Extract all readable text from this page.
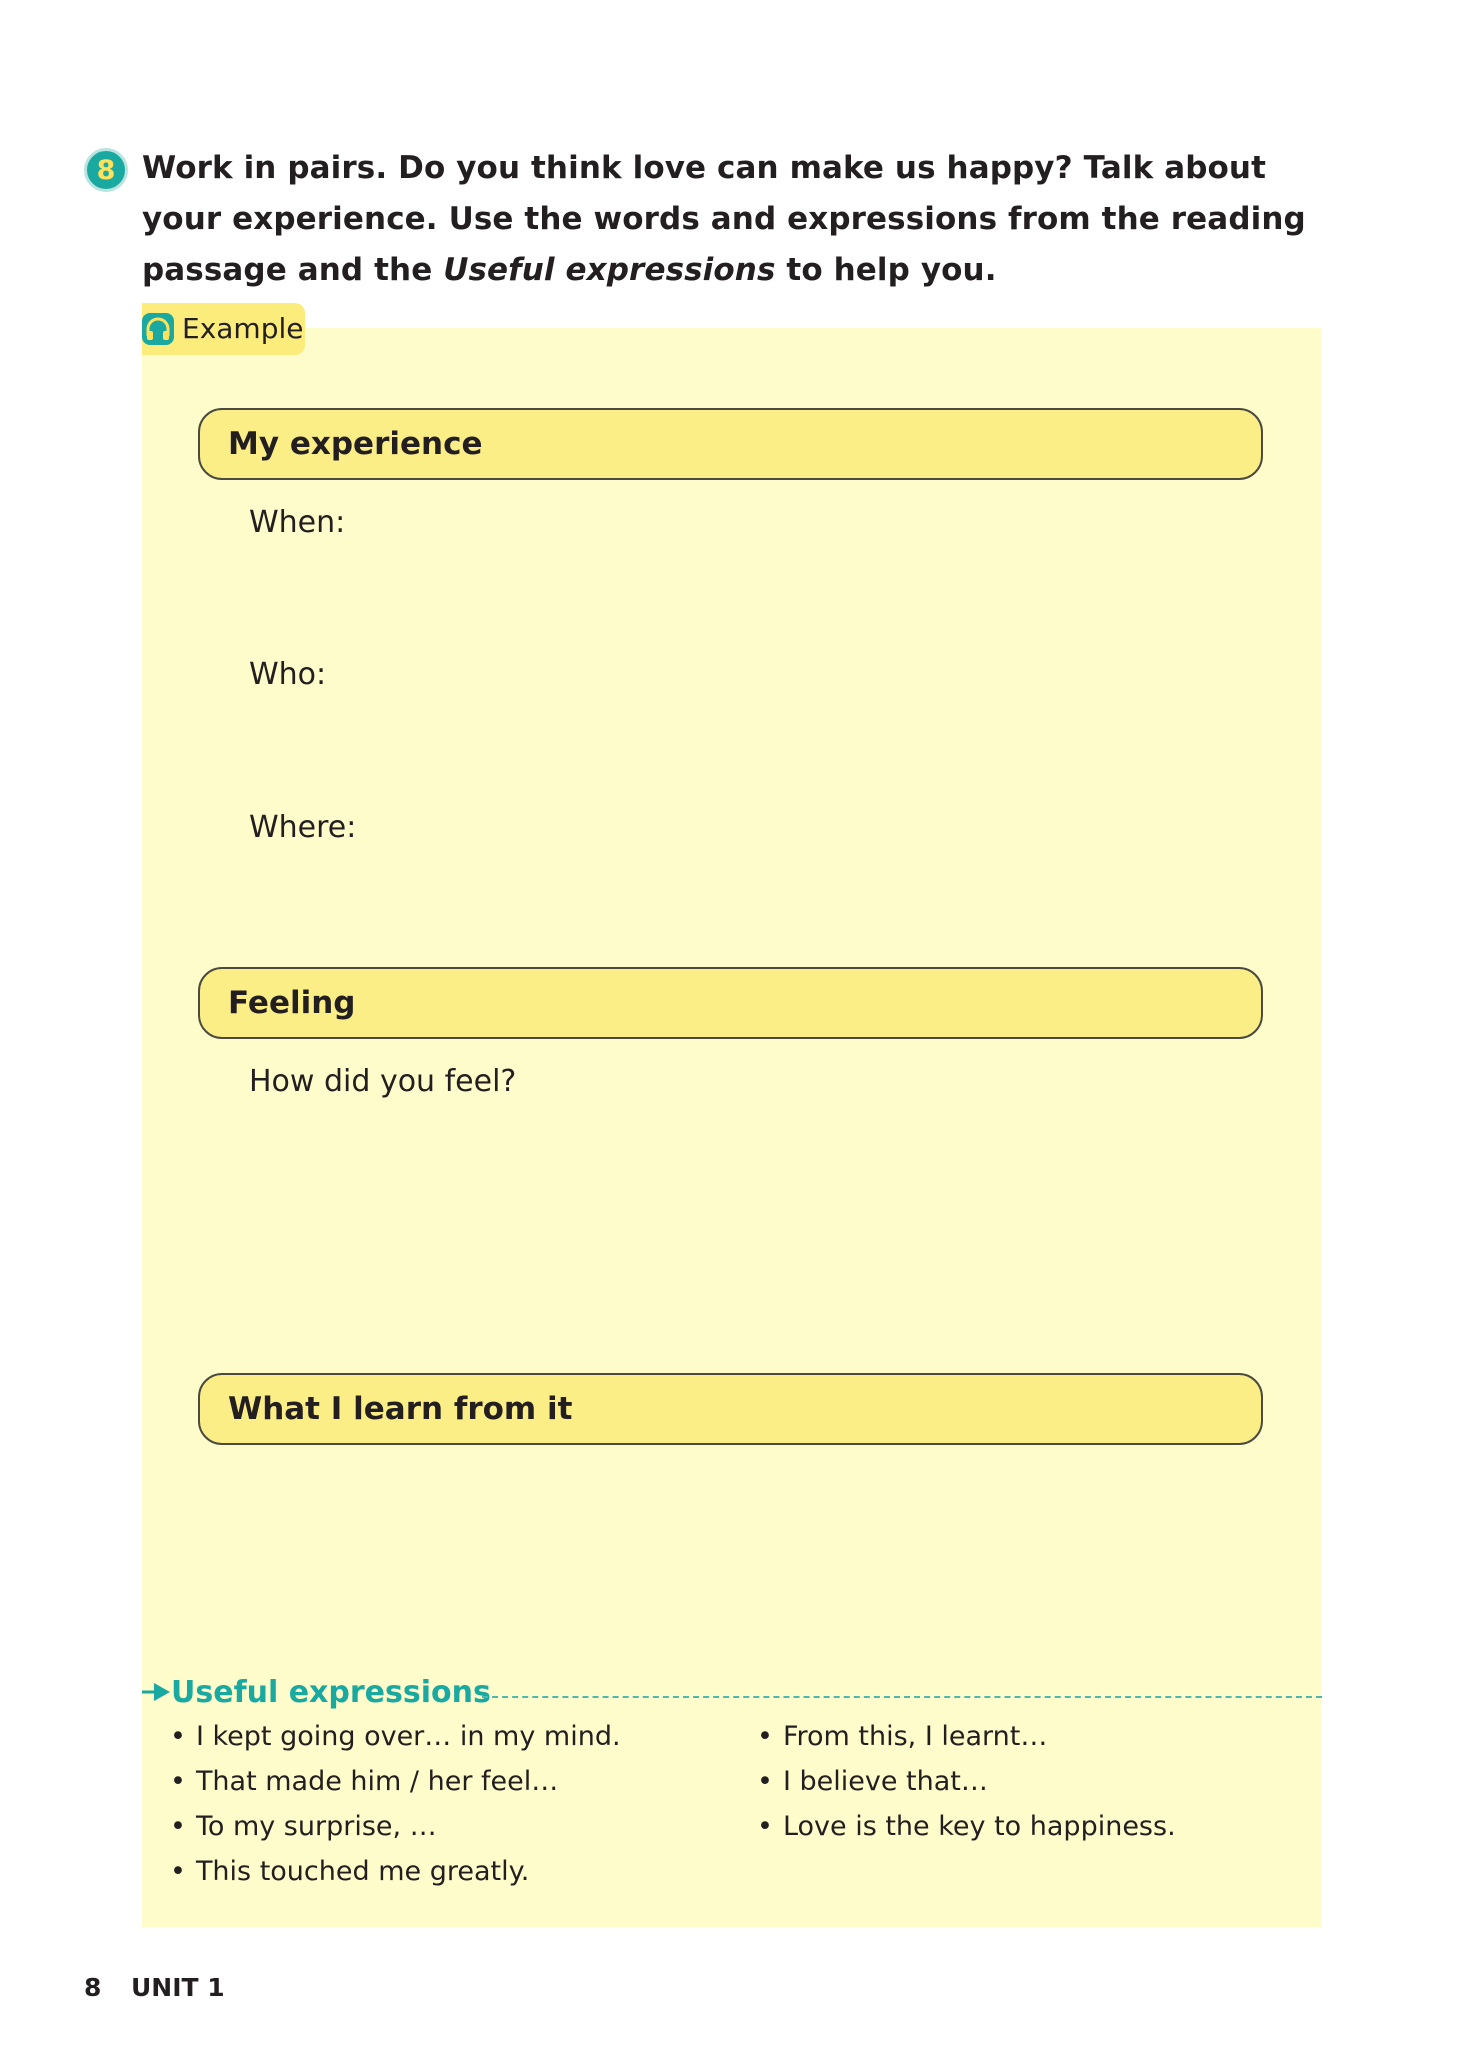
8 Work in pairs. Do you think love can make us happy? Talk about your experience. Use the words and expressions from the reading passage and the Useful expressions to help you.
Example
My experience
When:
Who:
Where:
Feeling
How did you feel?
What I learn from it
Useful expressions
• I kept going over… in my mind.
• That made him / her feel…
• To my surprise, …
• This touched me greatly.
• From this, I learnt…
• I believe that…
• Love is the key to happiness.
8 UNIT 1
